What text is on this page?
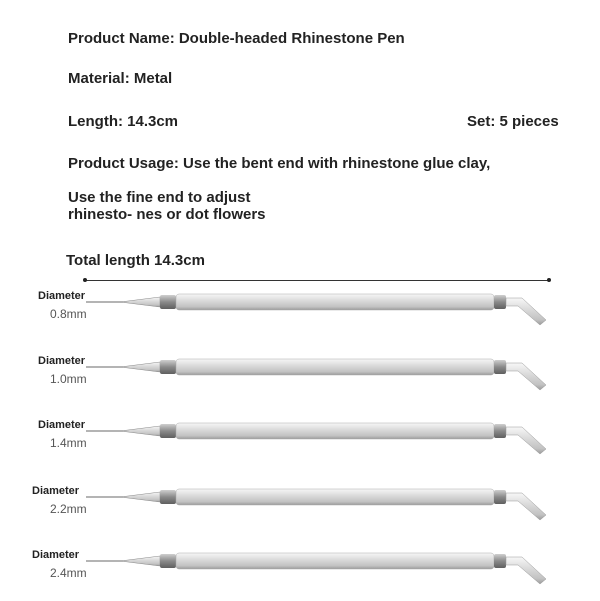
Product Name: Double-headed Rhinestone Pen
Material: Metal
Length: 14.3cm	Set: 5 pieces
Product Usage: Use the bent end with rhinestone glue clay,
Use the fine end to adjust rhinesto- nes or dot flowers
Total length 14.3cm
Diameter
0.8mm
Diameter
1.0mm
Diameter
1.4mm
Diameter
2.2mm
Diameter
2.4mm
